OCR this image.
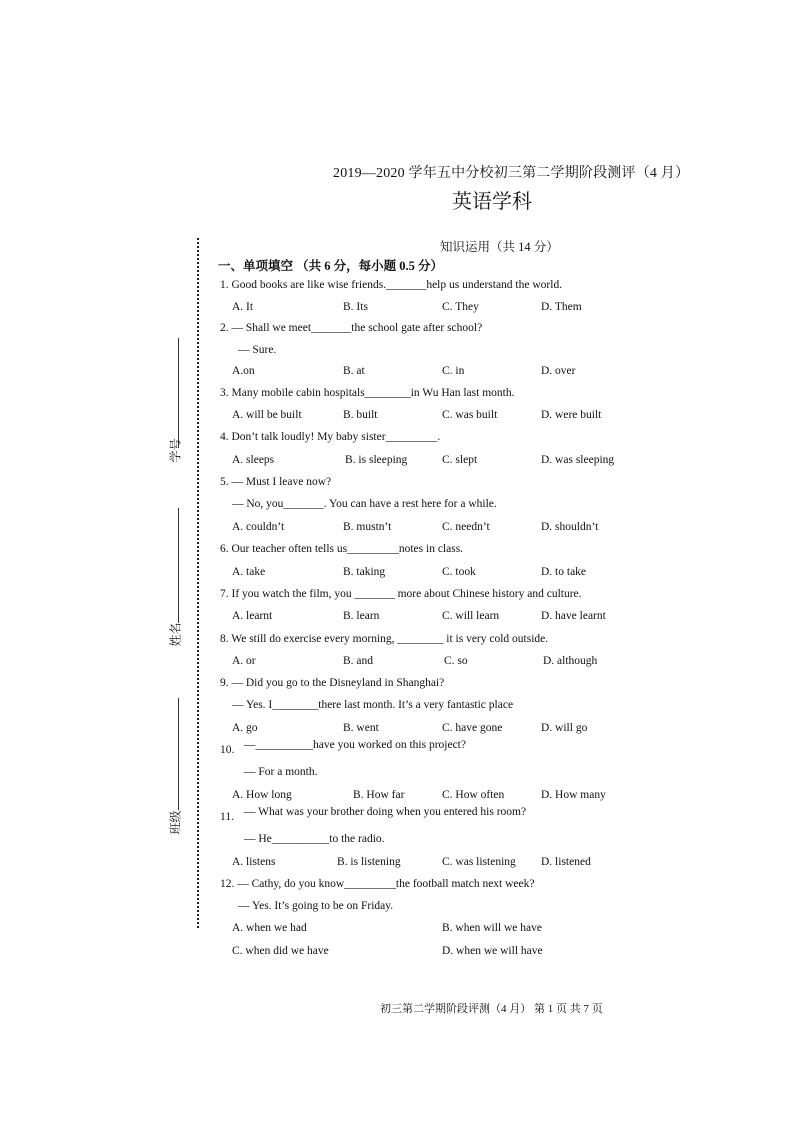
2019—2020 学年五中分校初三第二学期阶段测评（4 月）
英语学科
学号
姓名
班级
知识运用（共 14 分）
一、单项填空 （共 6 分，每小题 0.5 分）
1. Good books are like wise friends._______help us understand the world.
A. It	B. Its	C. They	D. Them
2. — Shall we meet_______the school gate after school?
— Sure.
A.on	B. at	C. in	D. over
3. Many mobile cabin hospitals________in Wu Han last month.
A. will be built	B. built	C. was built	D. were built
4. Don’t talk loudly! My baby sister_________.
A. sleeps	B. is sleeping	C. slept	D. was sleeping
5. — Must I leave now?
— No, you_______. You can have a rest here for a while.
A. couldn’t	B. mustn’t	C. needn’t	D. shouldn’t
6. Our teacher often tells us_________notes in class.
A. take	B. taking	C. took	D. to take
7. If you watch the film, you _______ more about Chinese history and culture.
A. learnt	B. learn	C. will learn	D. have learnt
8. We still do exercise every morning, ________ it is very cold outside.
A. or	B. and	C. so	D. although
9. — Did you go to the Disneyland in Shanghai?
— Yes. I________there last month. It’s a very fantastic place
A. go	B. went	C. have gone	D. will go
10. —__________have you worked on this project?
— For a month.
A. How long	B. How far	C. How often	D. How many
11. — What was your brother doing when you entered his room?
— He__________to the radio.
A. listens	B. is listening	C. was listening D. listened
12. — Cathy, do you know_________the football match next week?
— Yes. It’s going to be on Friday.
A. when we had	B. when will we have
C. when did we have	D. when we will have
初三第二学期阶段评测（4 月） 第 1 页 共 7 页
